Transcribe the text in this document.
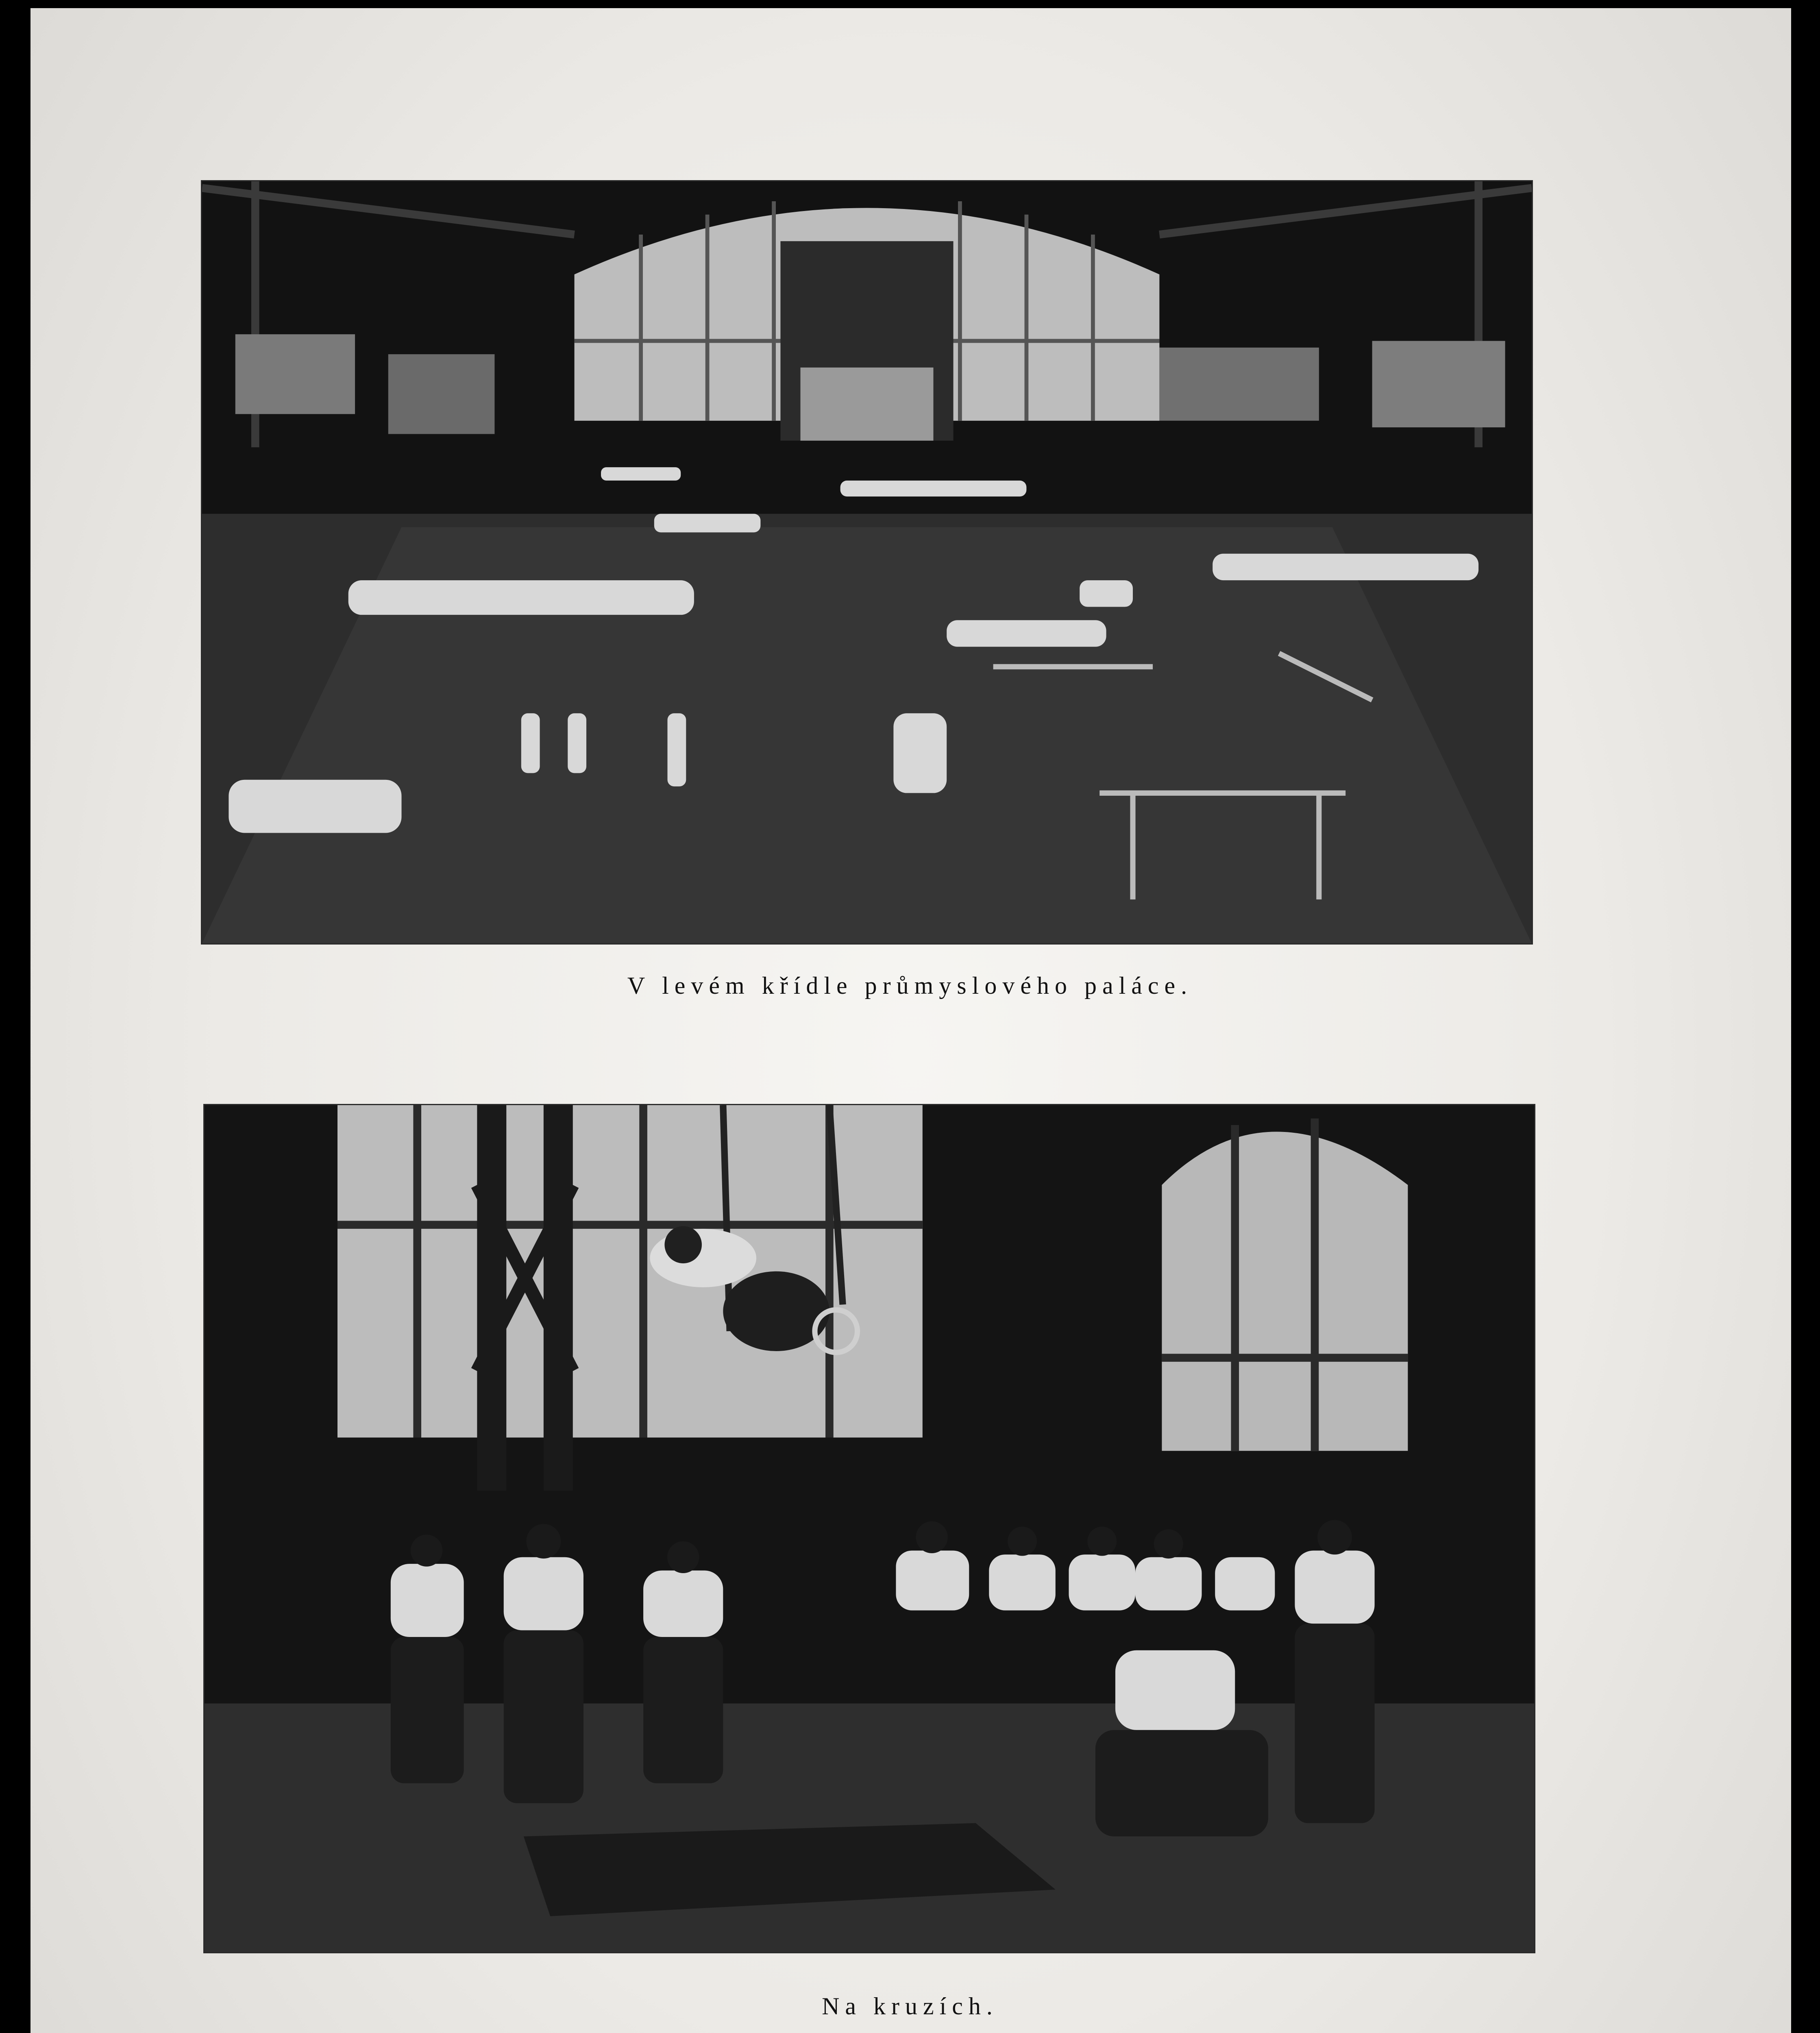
V levém křídle průmyslového paláce.
Na kruzích.
